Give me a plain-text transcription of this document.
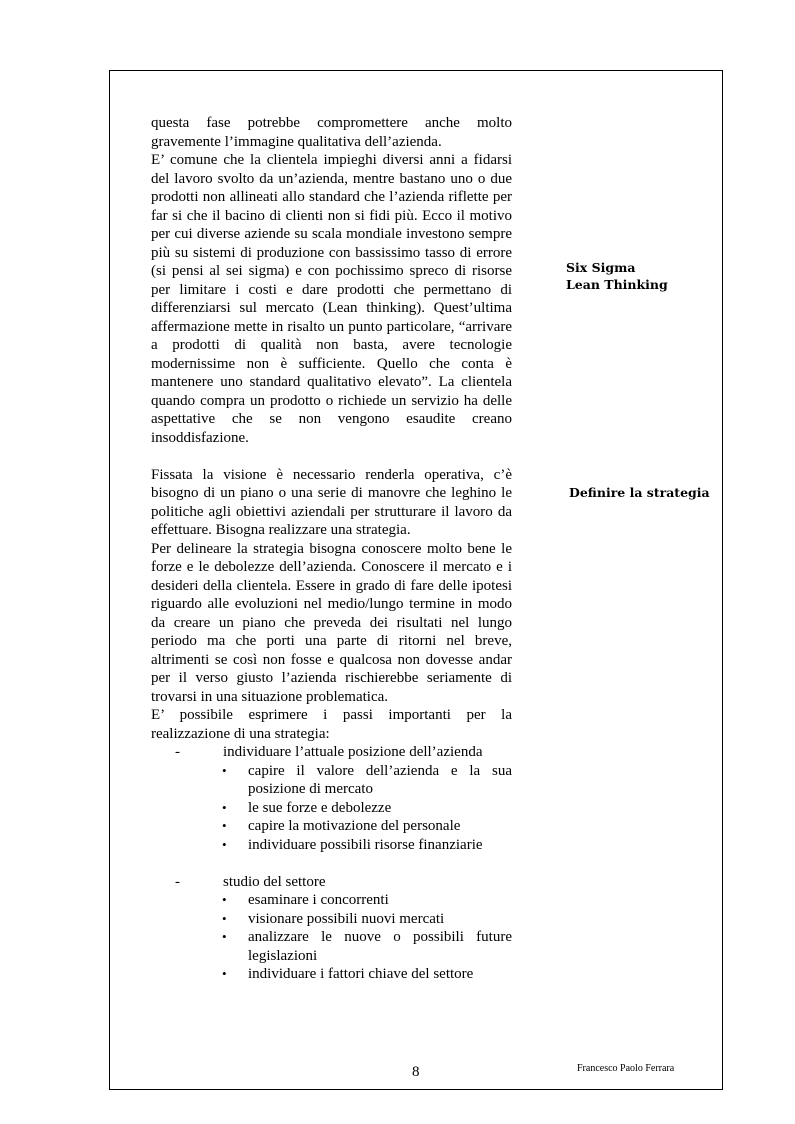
questa fase potrebbe compromettere anche molto gravemente l’immagine qualitativa dell’azienda.

E’ comune che la clientela impieghi diversi anni a fidarsi del lavoro svolto da un’azienda, mentre bastano uno o due prodotti non allineati allo standard che l’azienda riflette per far si che il bacino di clienti non si fidi più. Ecco il motivo per cui diverse aziende su scala mondiale investono sempre più su sistemi di produzione con bassissimo tasso di errore (si pensi al sei sigma) e con pochissimo spreco di risorse per limitare i costi e dare prodotti che permettano di differenziarsi sul mercato (Lean thinking). Quest’ultima affermazione mette in risalto un punto particolare, “arrivare a prodotti di qualità non basta, avere tecnologie modernissime non è sufficiente. Quello che conta è mantenere uno standard qualitativo elevato”. La clientela quando compra un prodotto o richiede un servizio ha delle aspettative che se non vengono esaudite creano insoddisfazione.

Fissata la visione è necessario renderla operativa, c’è bisogno di un piano o una serie di manovre che leghino le politiche agli obiettivi aziendali per strutturare il lavoro da effettuare. Bisogna realizzare una strategia.

Per delineare la strategia bisogna conoscere molto bene le forze e le debolezze dell’azienda. Conoscere il mercato e i desideri della clientela. Essere in grado di fare delle ipotesi riguardo alle evoluzioni nel medio/lungo termine in modo da creare un piano che preveda dei risultati nel lungo periodo ma che porti una parte di ritorni nel breve, altrimenti se così non fosse e qualcosa non dovesse andar per il verso giusto l’azienda rischierebbe seriamente di trovarsi in una situazione problematica.

E’ possibile esprimere i passi importanti per la realizzazione di una strategia:

-	individuare l’attuale posizione dell’azienda
• capire il valore dell’azienda e la sua posizione di mercato
• le sue forze e debolezze
• capire la motivazione del personale
• individuare possibili risorse finanziarie
-	studio del settore
• esaminare i concorrenti
• visionare possibili nuovi mercati
• analizzare le nuove o possibili future legislazioni
• individuare i fattori chiave del settore
Six Sigma
Lean Thinking
Definire la strategia
8	Francesco Paolo Ferrara
